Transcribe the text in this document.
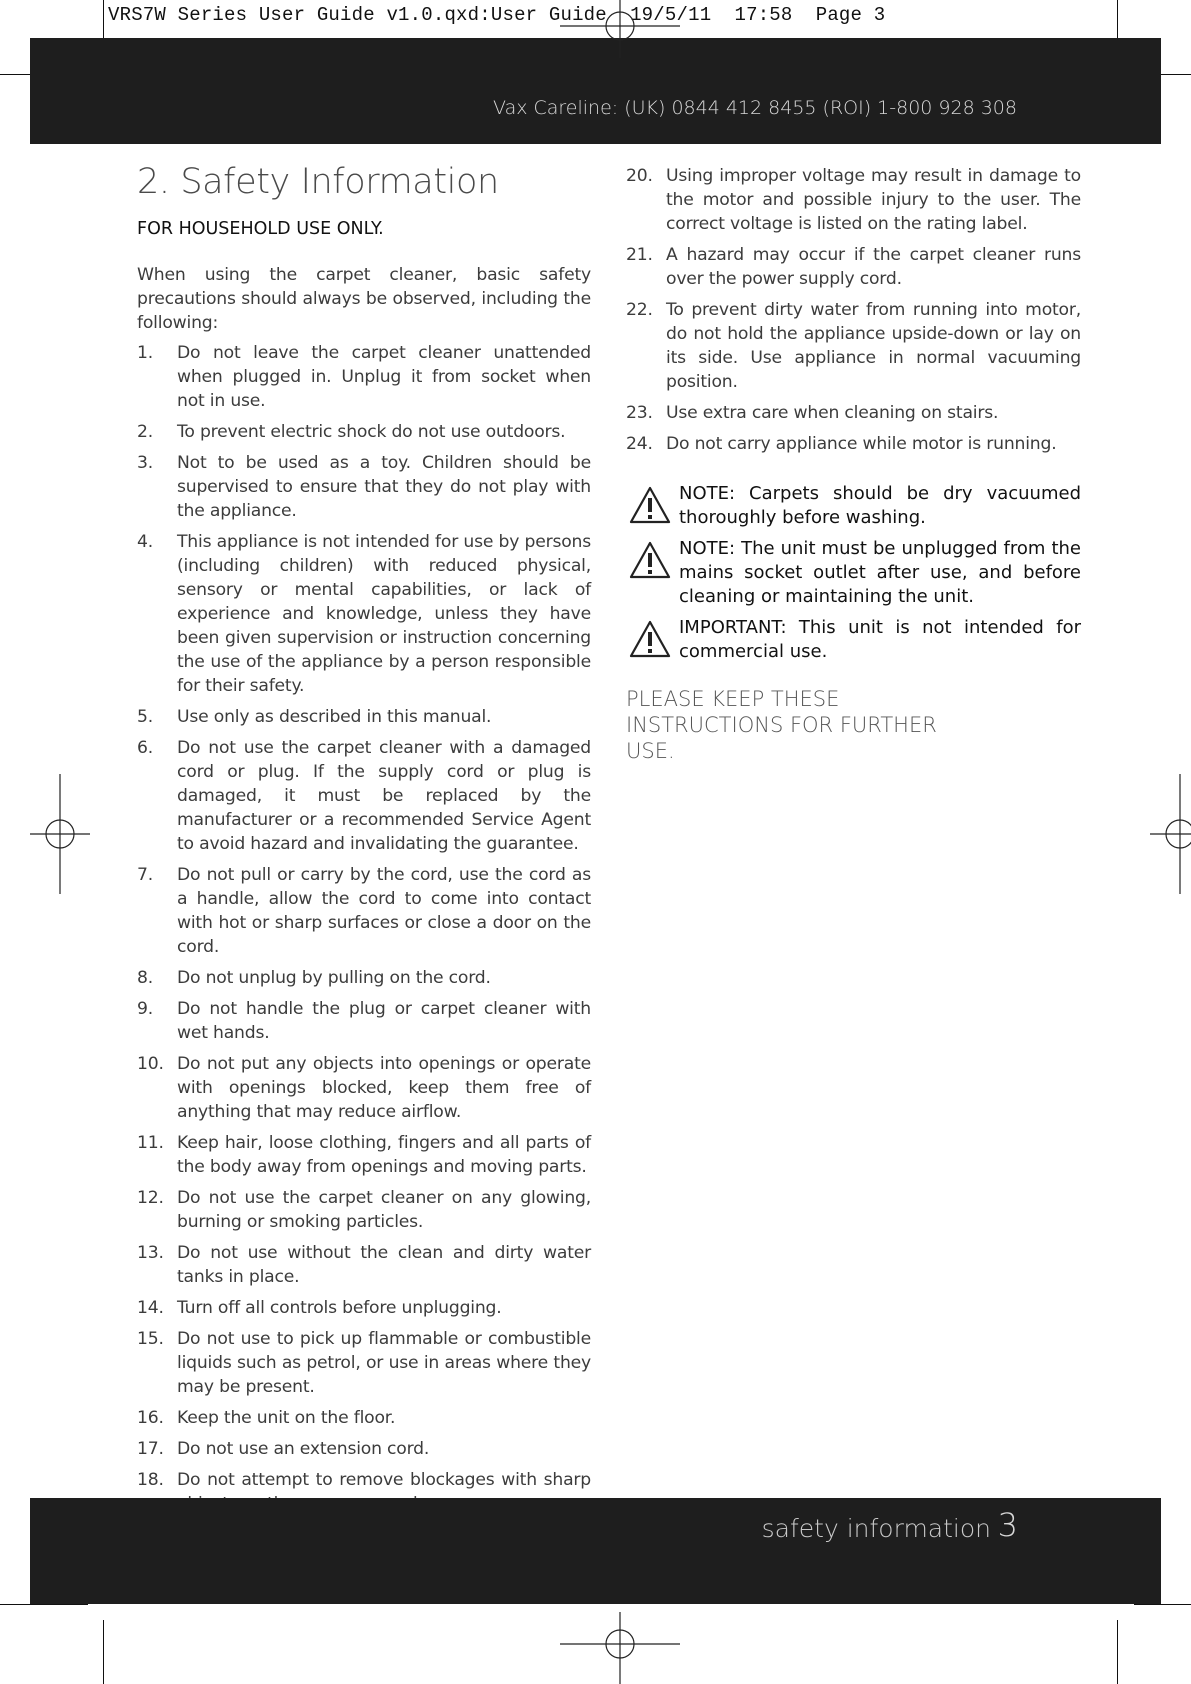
VRS7W Series User Guide v1.0.qxd:User Guide  19/5/11  17:58  Page 3
Vax Careline: (UK) 0844 412 8455 (ROI) 1-800 928 308
2. Safety Information

FOR HOUSEHOLD USE ONLY.

When using the carpet cleaner, basic safety precautions should always be observed, including the following:

1. Do not leave the carpet cleaner unattended when plugged in. Unplug it from socket when not in use.
2. To prevent electric shock do not use outdoors.
3. Not to be used as a toy. Children should be supervised to ensure that they do not play with the appliance.
4. This appliance is not intended for use by persons (including children) with reduced physical, sensory or mental capabilities, or lack of experience and knowledge, unless they have been given supervision or instruction concerning the use of the appliance by a person responsible for their safety.
5. Use only as described in this manual.
6. Do not use the carpet cleaner with a damaged cord or plug. If the supply cord or plug is damaged, it must be replaced by the manufacturer or a recommended Service Agent to avoid hazard and invalidating the guarantee.
7. Do not pull or carry by the cord, use the cord as a handle, allow the cord to come into contact with hot or sharp surfaces or close a door on the cord.
8. Do not unplug by pulling on the cord.
9. Do not handle the plug or carpet cleaner with wet hands.
10. Do not put any objects into openings or operate with openings blocked, keep them free of anything that may reduce airflow.
11. Keep hair, loose clothing, fingers and all parts of the body away from openings and moving parts.
12. Do not use the carpet cleaner on any glowing, burning or smoking particles.
13. Do not use without the clean and dirty water tanks in place.
14. Turn off all controls before unplugging.
15. Do not use to pick up flammable or combustible liquids such as petrol, or use in areas where they may be present.
16. Keep the unit on the floor.
17. Do not use an extension cord.
18. Do not attempt to remove blockages with sharp
20. Using improper voltage may result in damage to the motor and possible injury to the user. The correct voltage is listed on the rating label.
21. A hazard may occur if the carpet cleaner runs over the power supply cord.
22. To prevent dirty water from running into motor, do not hold the appliance upside-down or lay on its side. Use appliance in normal vacuuming position.
23. Use extra care when cleaning on stairs.
24. Do not carry appliance while motor is running.
NOTE: Carpets should be dry vacuumed thoroughly before washing.
NOTE: The unit must be unplugged from the mains socket outlet after use, and before cleaning or maintaining the unit.
IMPORTANT: This unit is not intended for commercial use.
PLEASE KEEP THESE INSTRUCTIONS FOR FURTHER USE.
safety information 3
